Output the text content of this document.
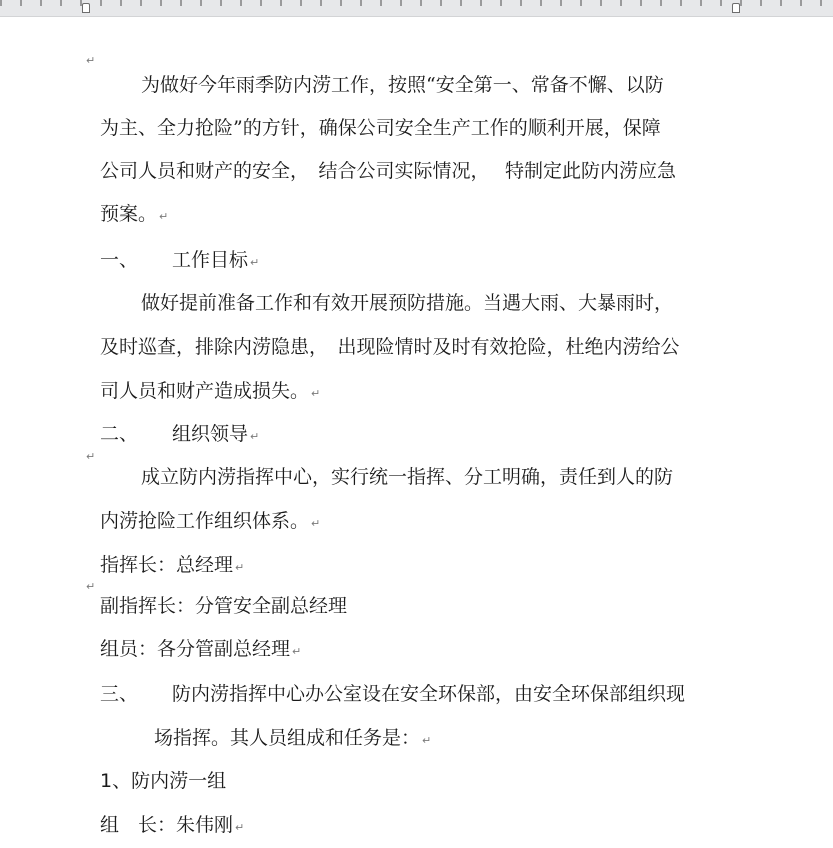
↵
为做好今年雨季防内涝工作，按照“安全第一、常备不懈、以防
为主、全力抢险”的方针，确保公司安全生产工作的顺利开展，保障
公司人员和财产的安全，　结合公司实际情况，　 特制定此防内涝应急
预案。 ↵
一、 工作目标 ↵
做好提前准备工作和有效开展预防措施。当遇大雨、大暴雨时，
及时巡查，排除内涝隐患，　出现险情时及时有效抢险，杜绝内涝给公
司人员和财产造成损失。 ↵
二、 组织领导 ↵
↵
成立防内涝指挥中心，实行统一指挥、分工明确，责任到人的防
内涝抢险工作组织体系。 ↵
指挥长：总经理 ↵
↵
副指挥长：分管安全副总经理
组员：各分管副总经理 ↵
三、 防内涝指挥中心办公室设在安全环保部，由安全环保部组织现
场指挥。其人员组成和任务是： ↵
1、防内涝一组
组　长：朱伟刚 ↵
